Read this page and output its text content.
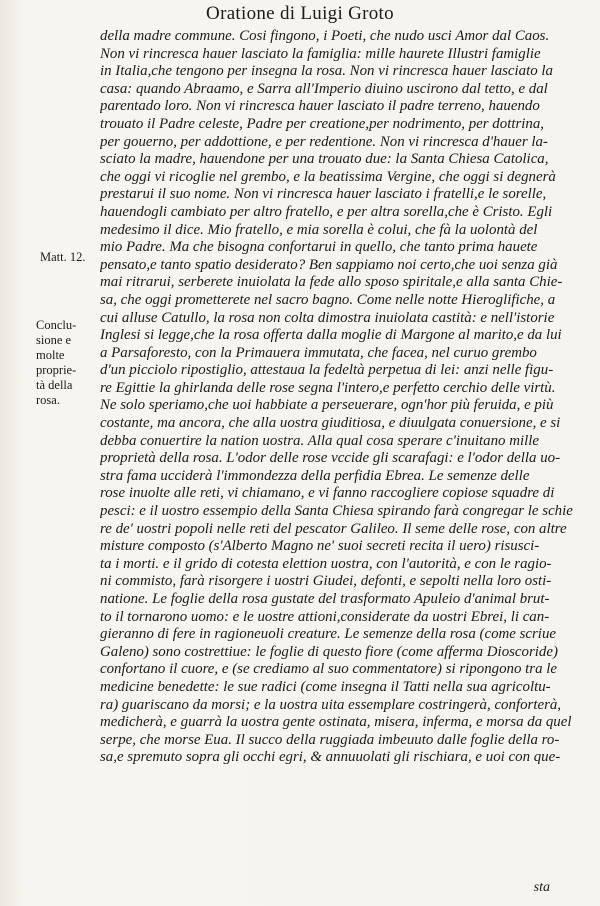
Oratione di Luigi Groto
Matt. 12.
Conclu-
sione e
molte
proprie-
tà della
rosa.
della madre commune. Cosi fingono, i Poeti, che nudo usci Amor dal Caos.
Non vi rincresca hauer lasciato la famiglia: mille haurete Illustri famiglie
in Italia,che tengono per insegna la rosa. Non vi rincresca hauer lasciato la
casa: quando Abraamo, e Sarra all'Imperio diuino uscirono dal tetto, e dal
parentado loro. Non vi rincresca hauer lasciato il padre terreno, hauendo
trouato il Padre celeste, Padre per creatione,per nodrimento, per dottrina,
per gouerno, per addottione, e per redentione. Non vi rincresca d'hauer la-
sciato la madre, hauendone per una trouato due: la Santa Chiesa Catolica,
che oggi vi ricoglie nel grembo, e la beatissima Vergine, che oggi si degnerà
prestarui il suo nome. Non vi rincresca hauer lasciato i fratelli,e le sorelle,
hauendogli cambiato per altro fratello, e per altra sorella,che è Cristo. Egli
medesimo il dice. Mio fratello, e mia sorella è colui, che fà la uolontà del
mio Padre. Ma che bisogna confortarui in quello, che tanto prima hauete
pensato,e tanto spatio desiderato? Ben sappiamo noi certo,che uoi senza già
mai ritrarui, serberete inuiolata la fede allo sposo spiritale,e alla santa Chie-
sa, che oggi prometterete nel sacro bagno. Come nelle notte Hieroglifiche, a
cui alluse Catullo, la rosa non colta dimostra inuiolata castità: e nell'istorie
Inglesi si legge,che la rosa offerta dalla moglie di Margone al marito,e da lui
a Parsaforesto, con la Primauera immutata, che facea, nel curuo grembo
d'un picciolo ripostiglio, attestaua la fedeltà perpetua di lei: anzi nelle figu-
re Egittie la ghirlanda delle rose segna l'intero,e perfetto cerchio delle virtù.
Ne solo speriamo,che uoi habbiate a perseuerare, ogn'hor più feruida, e più
costante, ma ancora, che alla uostra giuditiosa, e diuulgata conuersione, e si
debba conuertire la nation uostra. Alla qual cosa sperare c'inuitano mille
proprietà della rosa. L'odor delle rose vccide gli scarafagi: e l'odor della uo-
stra fama ucciderà l'immondezza della perfidia Ebrea. Le semenze delle
rose inuolte alle reti, vi chiamano, e vi fanno raccogliere copiose squadre di
pesci: e il uostro essempio della Santa Chiesa spirando farà congregar le schie
re de' uostri popoli nelle reti del pescator Galileo. Il seme delle rose, con altre
misture composto (s'Alberto Magno ne' suoi secreti recita il uero) risusci-
ta i morti. e il grido di cotesta elettion uostra, con l'autorità, e con le ragio-
ni commisto, farà risorgere i uostri Giudei, defonti, e sepolti nella loro osti-
natione. Le foglie della rosa gustate del trasformato Apuleio d'animal brut-
to il tornarono uomo: e le uostre attioni,considerate da uostri Ebrei, li can-
gieranno di fere in ragioneuoli creature. Le semenze della rosa (come scriue
Galeno) sono costrettiue: le foglie di questo fiore (come afferma Dioscoride)
confortano il cuore, e (se crediamo al suo commentatore) si ripongono tra le
medicine benedette: le sue radici (come insegna il Tatti nella sua agricoltu-
ra) guariscano da morsi; e la uostra uita essemplare costringerà, conforterà,
medicherà, e guarrà la uostra gente ostinata, misera, inferma, e morsa da quel
serpe, che morse Eua. Il succo della ruggiada imbeuuto dalle foglie della ro-
sa,e spremuto sopra gli occhi egri, & annuuolati gli rischiara, e uoi con que-
sta
